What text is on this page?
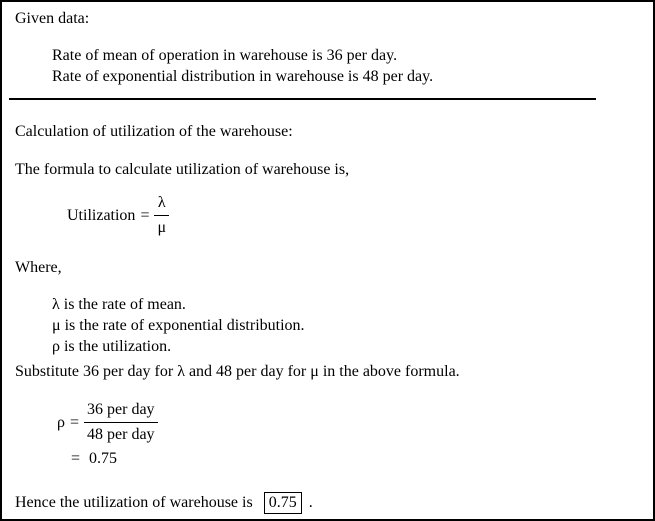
Given data:
Rate of mean of operation in warehouse is 36 per day.
Rate of exponential distribution in warehouse is 48 per day.
Calculation of utilization of the warehouse:
The formula to calculate utilization of warehouse is,
Utilization = $\frac{\lambda}{\mu}$
Where,
λ is the rate of mean.
μ is the rate of exponential distribution.
ρ is the utilization.
Substitute 36 per day for λ and 48 per day for μ in the above formula.
$\rho = \frac{\text{36 per day}}{\text{48 per day}}$
= 0.75
Hence the utilization of warehouse is 0.75 .
